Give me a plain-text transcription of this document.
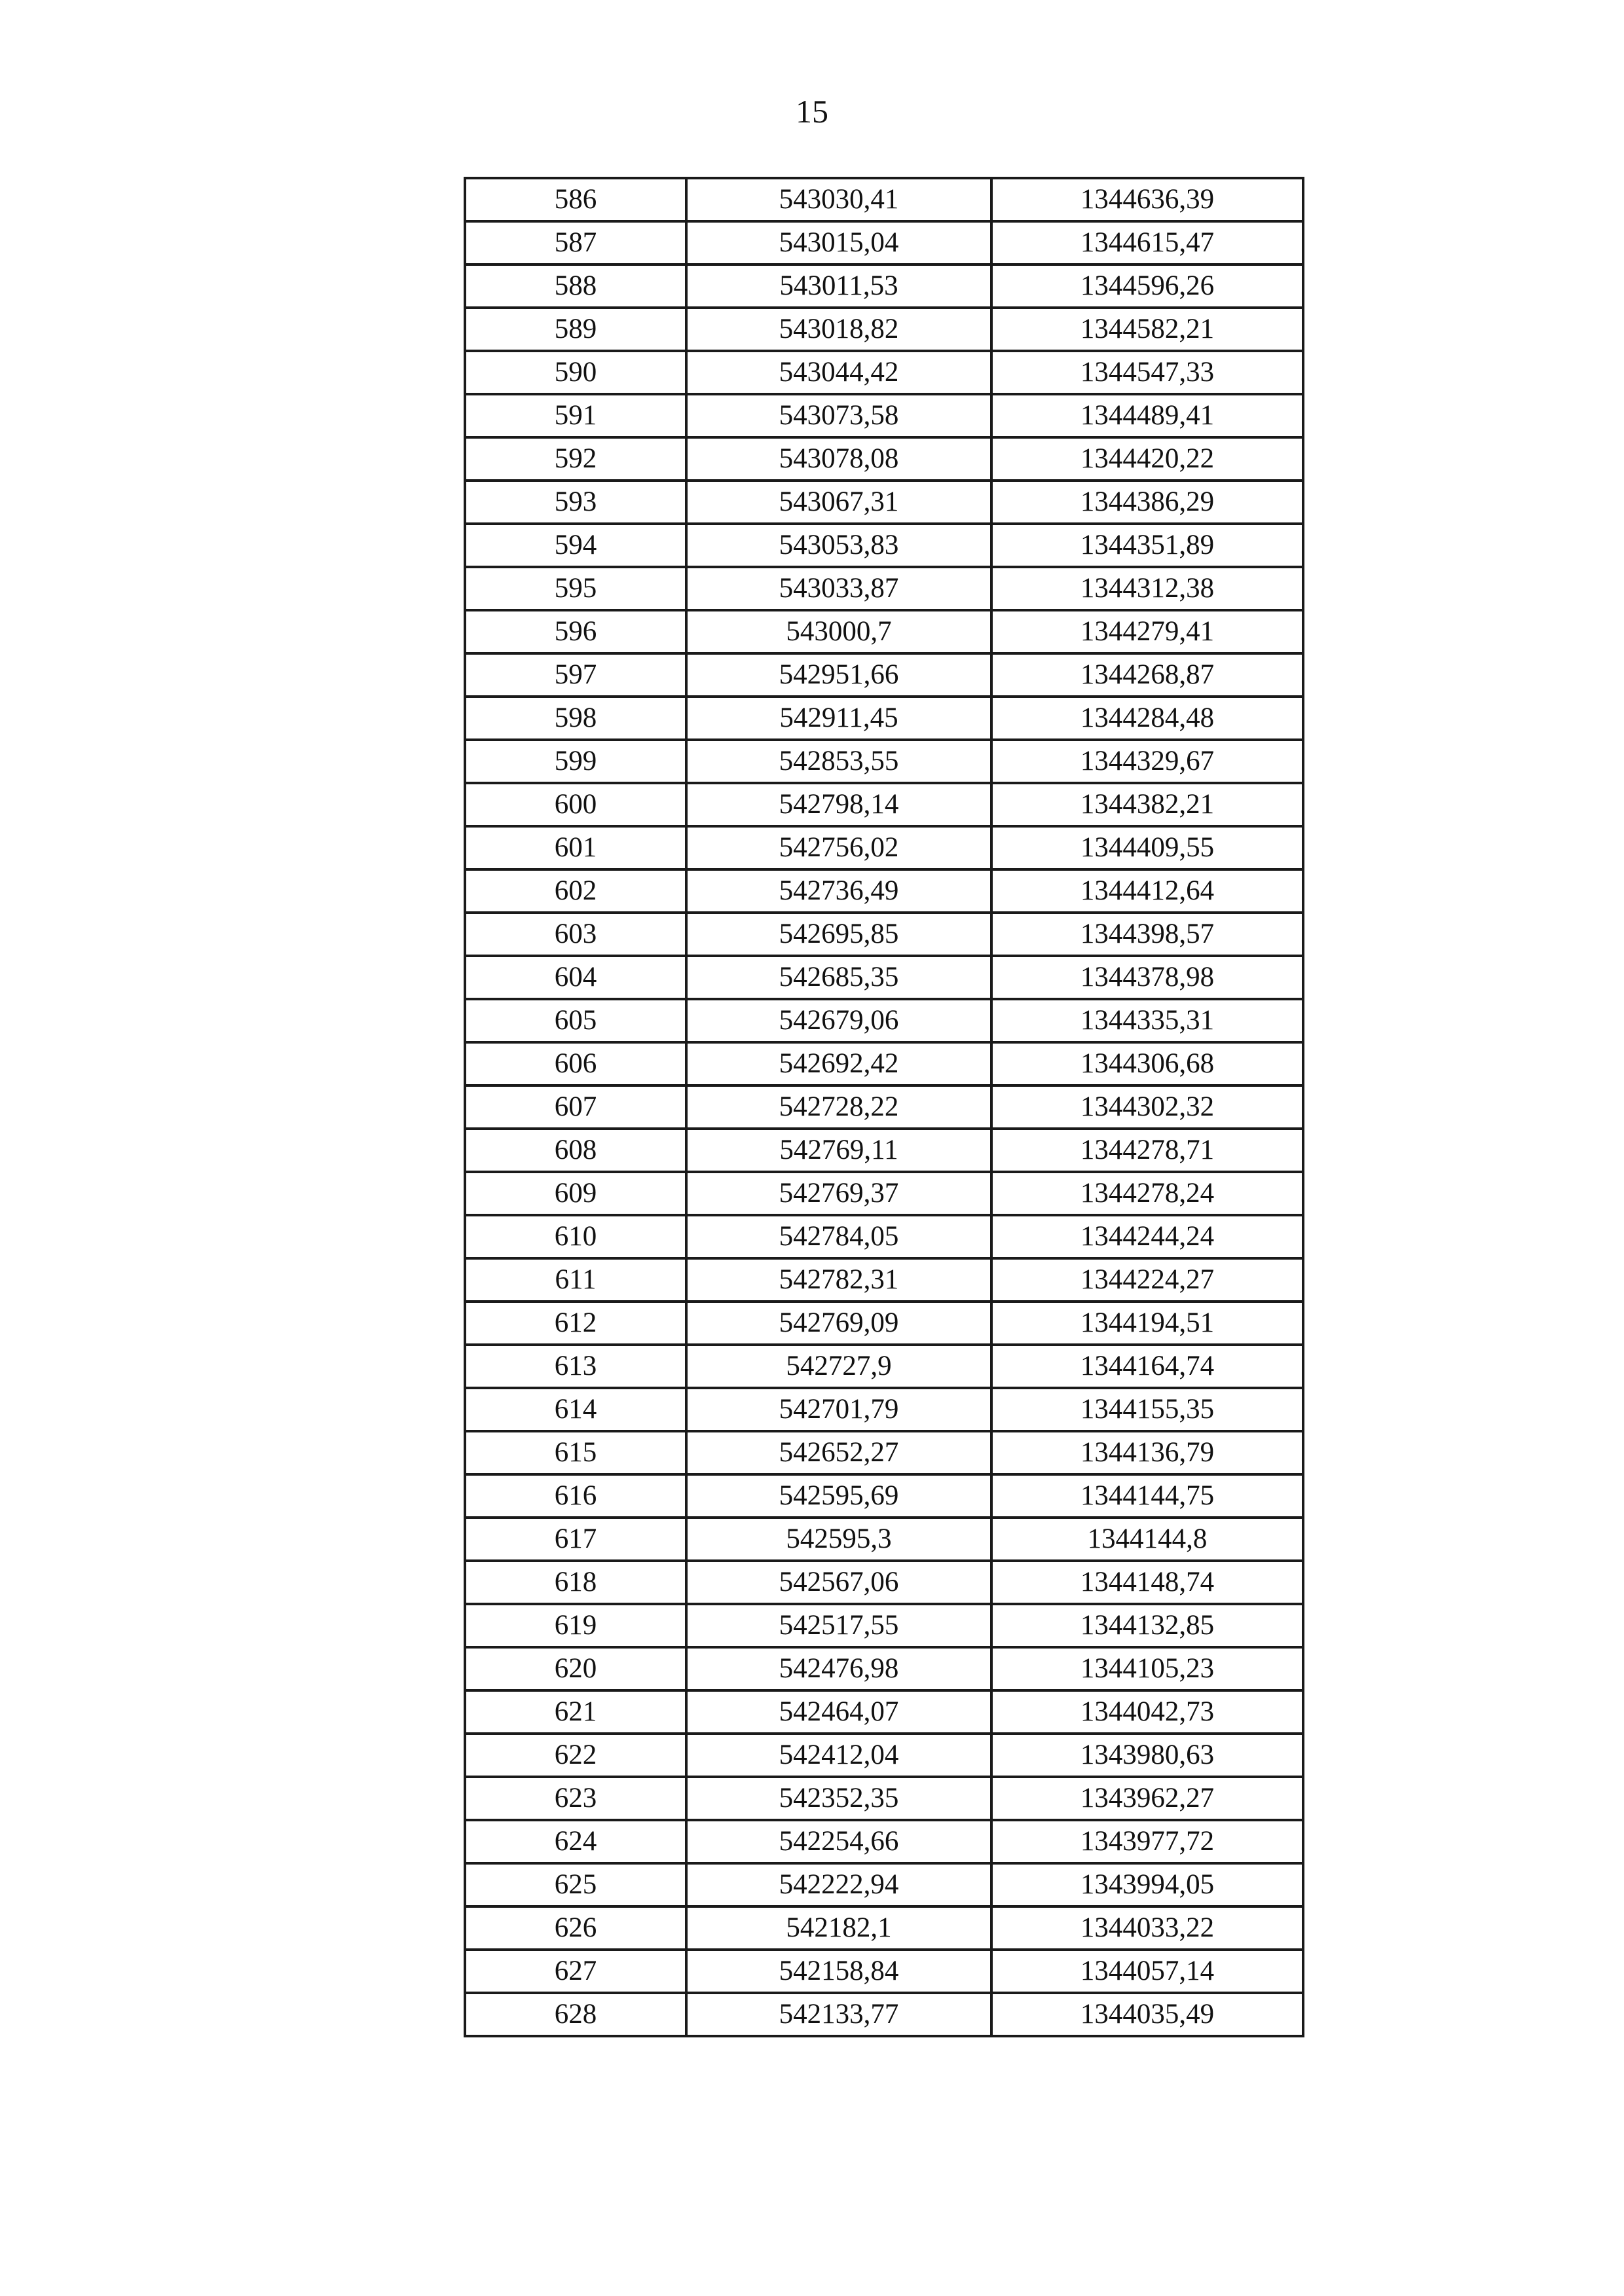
15
586	543030,41	1344636,39
587	543015,04	1344615,47
588	543011,53	1344596,26
589	543018,82	1344582,21
590	543044,42	1344547,33
591	543073,58	1344489,41
592	543078,08	1344420,22
593	543067,31	1344386,29
594	543053,83	1344351,89
595	543033,87	1344312,38
596	543000,7	1344279,41
597	542951,66	1344268,87
598	542911,45	1344284,48
599	542853,55	1344329,67
600	542798,14	1344382,21
601	542756,02	1344409,55
602	542736,49	1344412,64
603	542695,85	1344398,57
604	542685,35	1344378,98
605	542679,06	1344335,31
606	542692,42	1344306,68
607	542728,22	1344302,32
608	542769,11	1344278,71
609	542769,37	1344278,24
610	542784,05	1344244,24
611	542782,31	1344224,27
612	542769,09	1344194,51
613	542727,9	1344164,74
614	542701,79	1344155,35
615	542652,27	1344136,79
616	542595,69	1344144,75
617	542595,3	1344144,8
618	542567,06	1344148,74
619	542517,55	1344132,85
620	542476,98	1344105,23
621	542464,07	1344042,73
622	542412,04	1343980,63
623	542352,35	1343962,27
624	542254,66	1343977,72
625	542222,94	1343994,05
626	542182,1	1344033,22
627	542158,84	1344057,14
628	542133,77	1344035,49
